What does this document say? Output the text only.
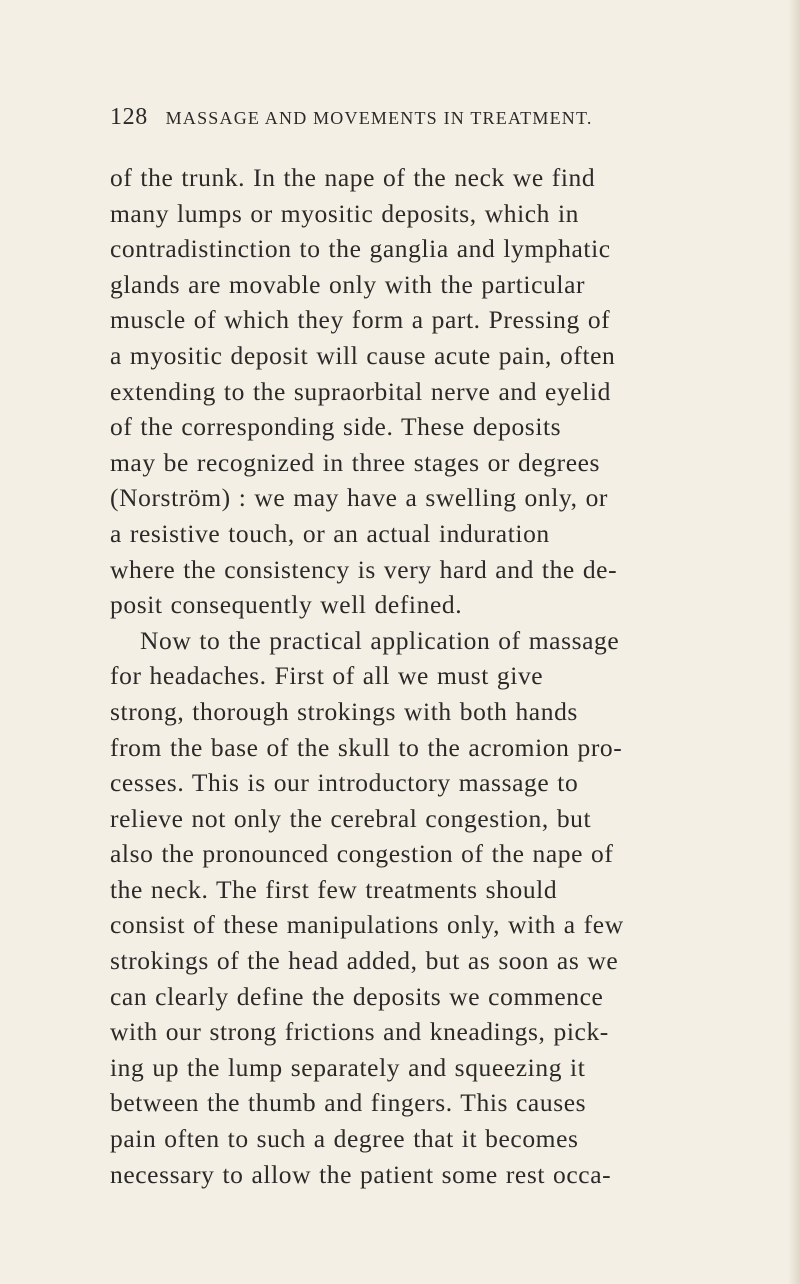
128 MASSAGE AND MOVEMENTS IN TREATMENT.
of the trunk. In the nape of the neck we find
many lumps or myositic deposits, which in
contradistinction to the ganglia and lymphatic
glands are movable only with the particular
muscle of which they form a part. Pressing of
a myositic deposit will cause acute pain, often
extending to the supraorbital nerve and eyelid
of the corresponding side. These deposits
may be recognized in three stages or degrees
(Norström) : we may have a swelling only, or
a resistive touch, or an actual induration
where the consistency is very hard and the de-
posit consequently well defined.
Now to the practical application of massage
for headaches. First of all we must give
strong, thorough strokings with both hands
from the base of the skull to the acromion pro-
cesses. This is our introductory massage to
relieve not only the cerebral congestion, but
also the pronounced congestion of the nape of
the neck. The first few treatments should
consist of these manipulations only, with a few
strokings of the head added, but as soon as we
can clearly define the deposits we commence
with our strong frictions and kneadings, pick-
ing up the lump separately and squeezing it
between the thumb and fingers. This causes
pain often to such a degree that it becomes
necessary to allow the patient some rest occa-
